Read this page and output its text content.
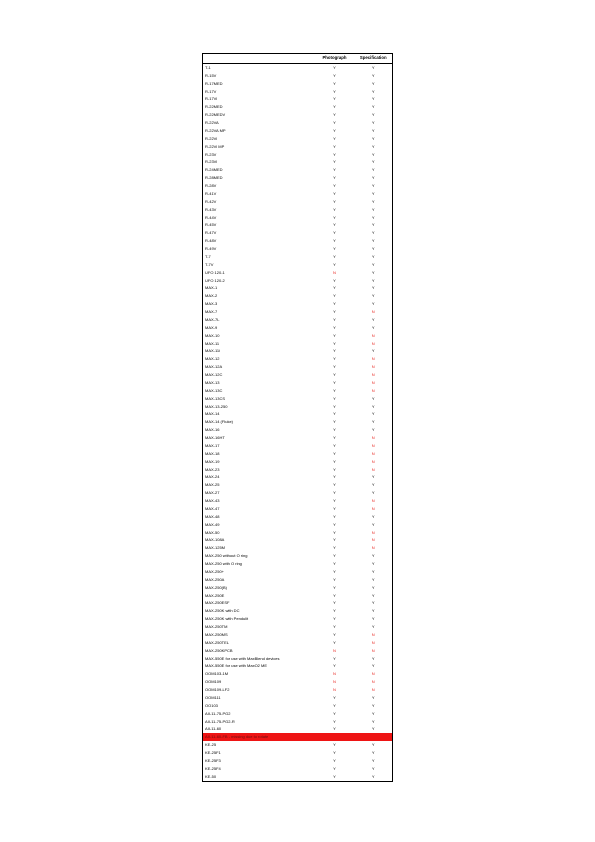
	Photograph	Specification
T-1	Y	Y
R-15V	Y	Y
R-17MED	Y	Y
R-17V	Y	Y
R-17Vi	Y	Y
R-22MED	Y	Y
R-22MEDV	Y	Y
R-22VA	Y	Y
R-22VA MP	Y	Y
R-22Vi	Y	Y
R-22Vi MP	Y	Y
R-23V	Y	Y
R-23Vi	Y	Y
R-24MED	Y	Y
R-28MED	Y	Y
R-28V	Y	Y
R-41V	Y	Y
R-42V	Y	Y
R-43V	Y	Y
R-44V	Y	Y
R-45V	Y	Y
R-47V	Y	Y
R-48V	Y	Y
R-49V	Y	Y
T-7	Y	Y
T-7V	Y	Y
UFO 120-1	N	Y
UFO 120-2	Y	Y
MAX-1	Y	Y
MAX-2	Y	Y
MAX-3	Y	Y
MAX-7	Y	N
MAX-7L	Y	Y
MAX-9	Y	Y
MAX-10	Y	N
MAX-11	Y	N
MAX-11i	Y	Y
MAX-12	Y	N
MAX-12A	Y	N
MAX-12C	Y	N
MAX-13	Y	N
MAX-13C	Y	N
MAX-13CS	Y	Y
MAX-13-250	Y	Y
MAX-14	Y	Y
MAX-14 (Fluke)	Y	Y
MAX-16	Y	Y
MAX-16HT	Y	N
MAX-17	Y	N
MAX-18	Y	N
MAX-19	Y	N
MAX-23	Y	N
MAX-24	Y	Y
MAX-25	Y	Y
MAX-27	Y	Y
MAX-43	Y	N
MAX-47	Y	N
MAX-48	Y	Y
MAX-49	Y	Y
MAX-50	Y	N
MAX-108A	Y	N
MAX-125M	Y	N
MAX-250 without O ring	Y	Y
MAX-250 with O ring	Y	Y
MAX-250+	Y	Y
MAX-250A	Y	Y
MAX-250(B)	Y	Y
MAX-250E	Y	Y
MAX-250ESF	Y	Y
MAX-250K with DC	Y	Y
MAX-250K with Pendulit	Y	Y
MAX-250TM	Y	Y
MAX-250MS	Y	N
MAX-250TEL	Y	N
MAX-250KPCB	N	N
MAX-550E for use with MaxBlend devices	Y	Y
MAX-550E for use with MaxO2 ME	Y	Y
OOM103-1M	N	N
OOM109	N	N
OOM109-LF2	N	N
OOM111	Y	Y
OO103	Y	Y
AII-11-75-PG2	Y	Y
AII-11-75-PG2-R	Y	Y
AII-11-60	Y	Y
AII-11-60-FB - missing due to rotate		
KE-25	Y	Y
KE-25F1	Y	Y
KE-25F3	Y	Y
KE-25F4	Y	Y
KE-50	Y	Y
